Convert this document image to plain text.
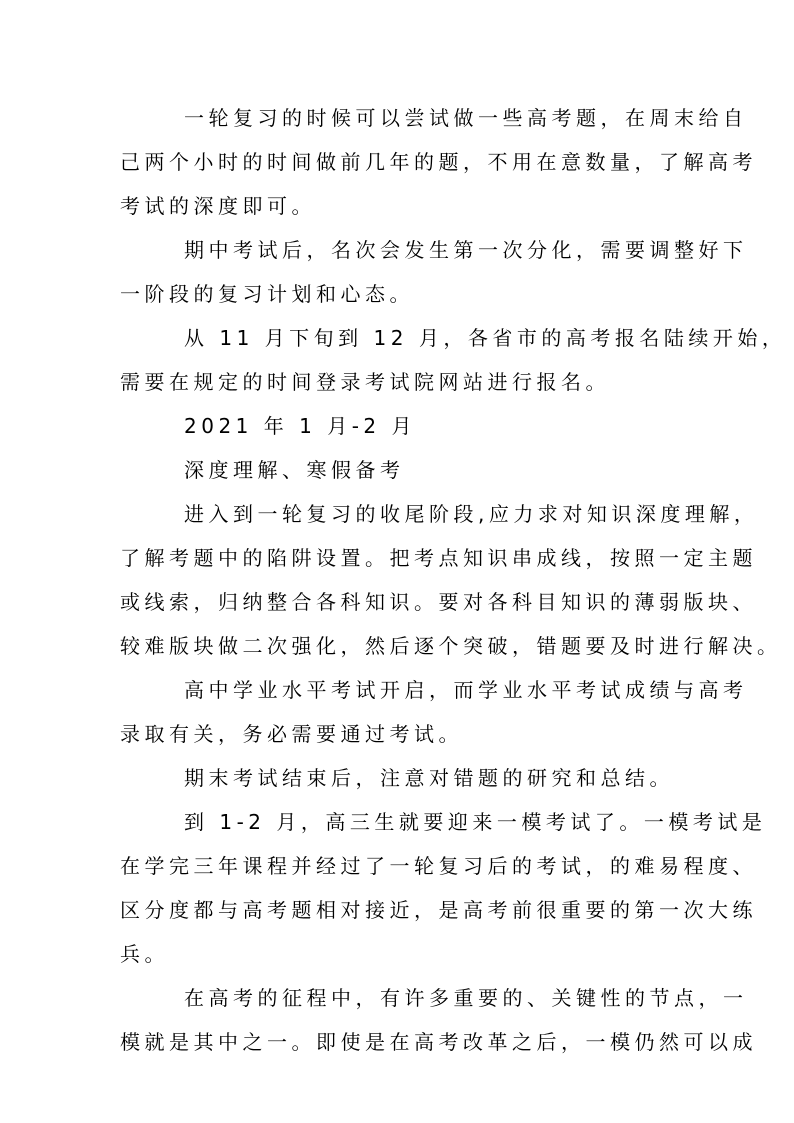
一轮复习的时候可以尝试做一些高考题，在周末给自
己两个小时的时间做前几年的题，不用在意数量，了解高考
考试的深度即可。
期中考试后，名次会发生第一次分化，需要调整好下
一阶段的复习计划和心态。
从 11 月下旬到 12 月，各省市的高考报名陆续开始，
需要在规定的时间登录考试院网站进行报名。
2021 年 1 月-2 月
深度理解、寒假备考
进入到一轮复习的收尾阶段,应力求对知识深度理解，
了解考题中的陷阱设置。把考点知识串成线，按照一定主题
或线索，归纳整合各科知识。要对各科目知识的薄弱版块、
较难版块做二次强化，然后逐个突破，错题要及时进行解决。
高中学业水平考试开启，而学业水平考试成绩与高考
录取有关，务必需要通过考试。
期末考试结束后，注意对错题的研究和总结。
到 1-2 月，高三生就要迎来一模考试了。一模考试是
在学完三年课程并经过了一轮复习后的考试，的难易程度、
区分度都与高考题相对接近，是高考前很重要的第一次大练
兵。
在高考的征程中，有许多重要的、关键性的节点，一
模就是其中之一。即使是在高考改革之后，一模仍然可以成
